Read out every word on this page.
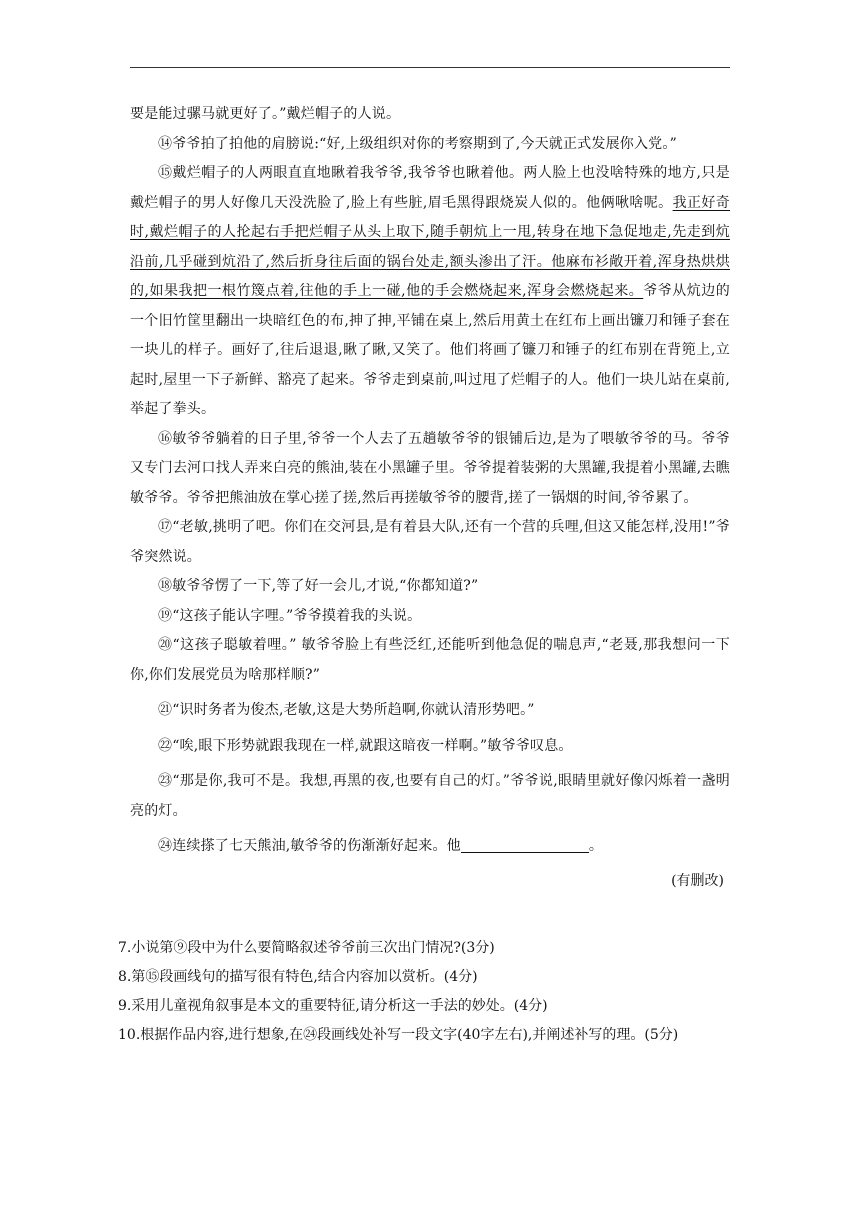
要是能过骡马就更好了。”戴烂帽子的人说。

⑭爷爷拍了拍他的肩膀说:“好,上级组织对你的考察期到了,今天就正式发展你入党。”

⑮戴烂帽子的人两眼直直地瞅着我爷爷,我爷爷也瞅着他。两人脸上也没啥特殊的地方,只是戴烂帽子的男人好像几天没洗脸了,脸上有些脏,眉毛黑得跟烧炭人似的。他俩啾啥呢。我正好奇时,戴烂帽子的人抡起右手把烂帽子从头上取下,随手朝炕上一甩,转身在地下急促地走,先走到炕沿前,几乎碰到炕沿了,然后折身往后面的锅台处走,额头渗出了汗。他麻布衫敞开着,浑身热烘烘的,如果我把一根竹篾点着,往他的手上一碰,他的手会燃烧起来,浑身会燃烧起来。爷爷从炕边的一个旧竹筐里翻出一块暗红色的布,抻了抻,平铺在桌上,然后用黄土在红布上画出镰刀和锤子套在一块儿的样子。画好了,往后退退,瞅了瞅,又笑了。他们将画了镰刀和锤子的红布别在背篼上,立起时,屋里一下子新鲜、豁亮了起来。爷爷走到桌前,叫过甩了烂帽子的人。他们一块儿站在桌前,举起了拳头。

⑯敏爷爷躺着的日子里,爷爷一个人去了五趟敏爷爷的银铺后边,是为了喂敏爷爷的马。爷爷又专门去河口找人弄来白亮的熊油,装在小黑罐子里。爷爷提着装粥的大黑罐,我提着小黑罐,去瞧敏爷爷。爷爷把熊油放在掌心搓了搓,然后再搓敏爷爷的腰背,搓了一锅烟的时间,爷爷累了。

⑰“老敏,挑明了吧。你们在交河县,是有着县大队,还有一个营的兵哩,但这又能怎样,没用!”爷爷突然说。

⑱敏爷爷愣了一下,等了好一会儿,才说,“你都知道?”

⑲“这孩子能认字哩。”爷爷摸着我的头说。

⑳“这孩子聪敏着哩。” 敏爷爷脸上有些泛红,还能听到他急促的喘息声,“老聂,那我想问一下你,你们发展党员为啥那样顺?”

㉑“识时务者为俊杰,老敏,这是大势所趋啊,你就认清形势吧。”

㉒“唉,眼下形势就跟我现在一样,就跟这暗夜一样啊。”敏爷爷叹息。

㉓“那是你,我可不是。我想,再黑的夜,也要有自己的灯。”爷爷说,眼睛里就好像闪烁着一盏明亮的灯。

㉔连续搽了七天熊油,敏爷爷的伤渐渐好起来。他	。

(有删改)

7.小说第⑨段中为什么要简略叙述爷爷前三次出门情况?(3分)

8.第⑮段画线句的描写很有特色,结合内容加以赏析。(4分)

9.采用儿童视角叙事是本文的重要特征,请分析这一手法的妙处。(4分)

10.根据作品内容,进行想象,在㉔段画线处补写一段文字(40字左右),并阐述补写的理。(5分)
